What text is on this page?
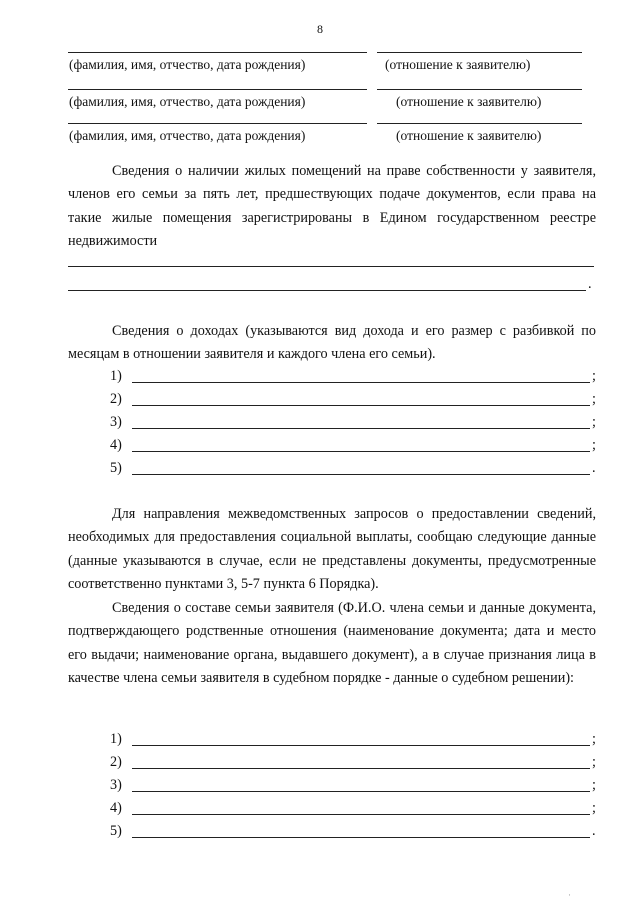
8
(фамилия, имя, отчество, дата рождения)	(отношение к заявителю)
(фамилия, имя, отчество, дата рождения)	(отношение к заявителю)
(фамилия, имя, отчество, дата рождения)	(отношение к заявителю)
Сведения о наличии жилых помещений на праве собственности у заявителя, членов его семьи за пять лет, предшествующих подаче документов, если права на такие жилые помещения зарегистрированы в Едином государственном реестре недвижимости
.
Сведения о доходах (указываются вид дохода и его размер с разбивкой по месяцам в отношении заявителя и каждого члена его семьи).
1)	;
2)	;
3)	;
4)	;
5)	.
Для направления межведомственных запросов о предоставлении сведений, необходимых для предоставления социальной выплаты, сообщаю следующие данные (данные указываются в случае, если не представлены документы, предусмотренные соответственно пунктами 3, 5-7 пункта 6 Порядка).
Сведения о составе семьи заявителя (Ф.И.О. члена семьи и данные документа, подтверждающего родственные отношения (наименование документа; дата и место его выдачи; наименование органа, выдавшего документ), а в случае признания лица в качестве члена семьи заявителя в судебном порядке - данные о судебном решении):
1)	;
2)	;
3)	;
4)	;
5)	.
·
